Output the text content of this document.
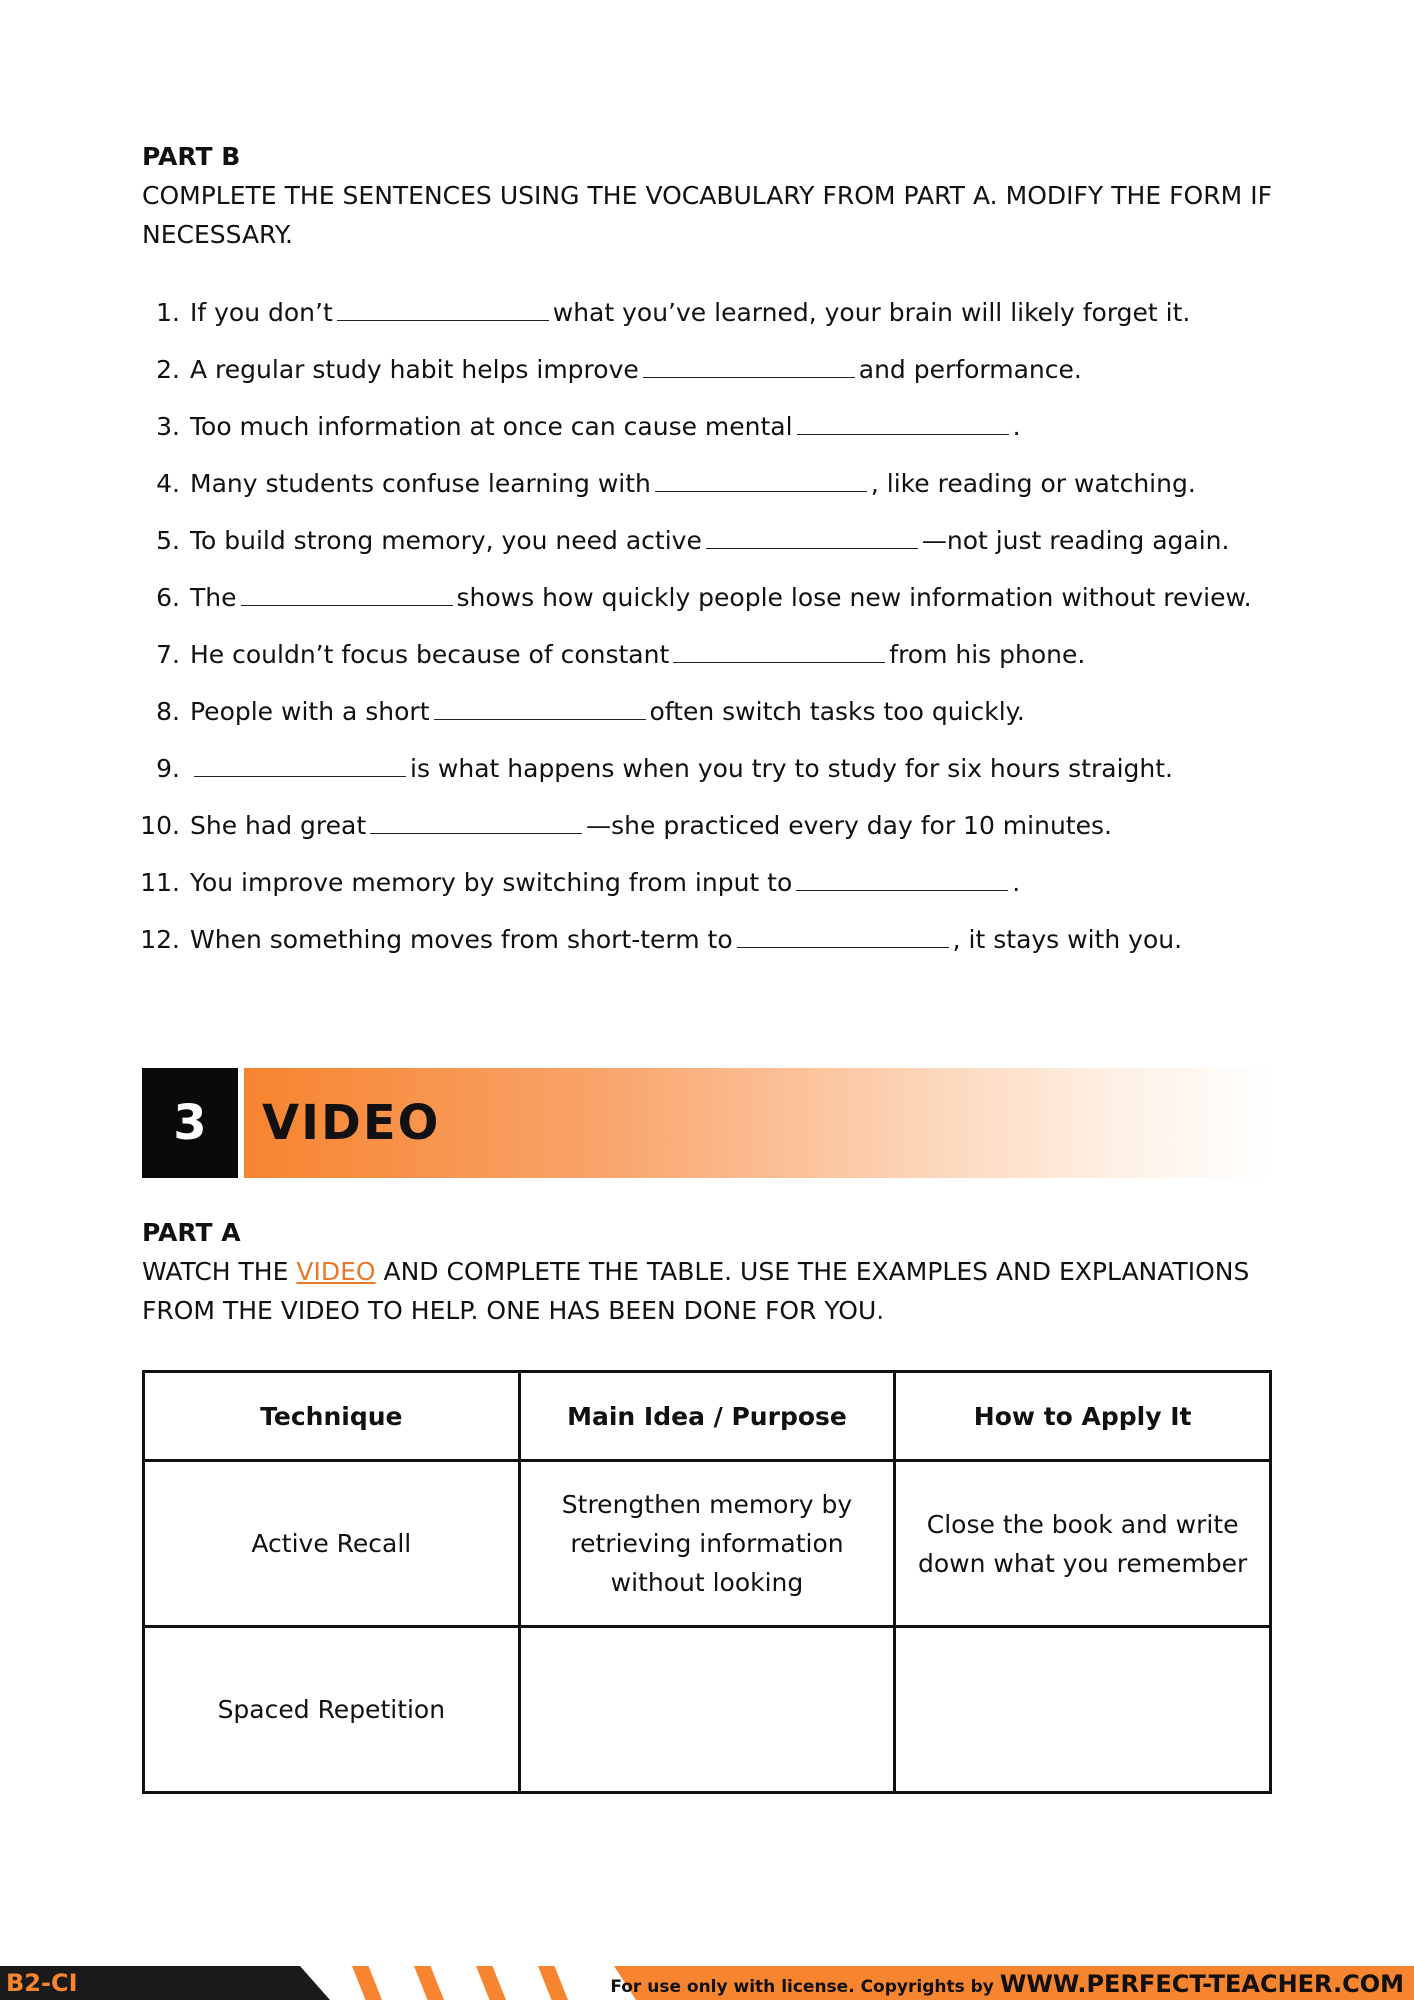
PART B

COMPLETE THE SENTENCES USING THE VOCABULARY FROM PART A. MODIFY THE FORM IF NECESSARY.

1. If you don’t	what you’ve learned, your brain will likely forget it.
2. A regular study habit helps improve	and performance.
3. Too much information at once can cause mental	.
4. Many students confuse learning with	, like reading or watching.
5. To build strong memory, you need active	—not just reading again.
6. The	shows how quickly people lose new information without review.
7. He couldn’t focus because of constant	from his phone.
8. People with a short	often switch tasks too quickly.
9.	is what happens when you try to study for six hours straight.
10. She had great	—she practiced every day for 10 minutes.
11. You improve memory by switching from input to	.
12. When something moves from short-term to	, it stays with you.
3	VIDEO

PART A

WATCH THE VIDEO AND COMPLETE THE TABLE. USE THE EXAMPLES AND EXPLANATIONS FROM THE VIDEO TO HELP. ONE HAS BEEN DONE FOR YOU.

Technique	Main Idea / Purpose	How to Apply It
Active Recall	Strengthen memory by retrieving information without looking	Close the book and write down what you remember
Spaced Repetition		
B2-CI	For use only with license. Copyrights by WWW.PERFECT-TEACHER.COM
